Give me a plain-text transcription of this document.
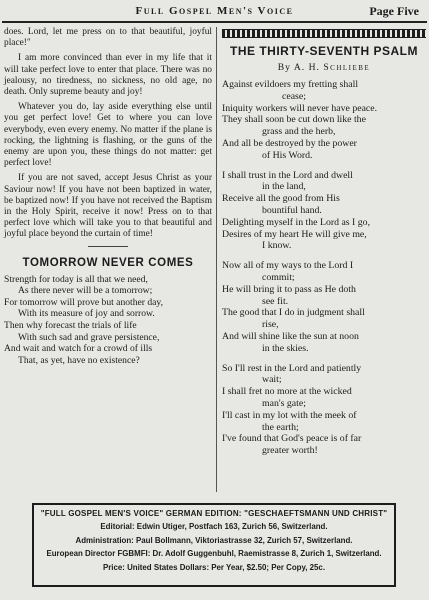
Full Gospel Men's Voice	Page Five

does. Lord, let me press on to that beautiful, joyful place!"

I am more convinced than ever in my life that it will take perfect love to enter that place. There was no jealousy, no tiredness, no sickness, no old age, no death. Only supreme beauty and joy!

Whatever you do, lay aside everything else until you get perfect love! Get to where you can love everybody, even every enemy. No matter if the plane is rocking, the lightning is flashing, or the guns of the enemy are upon you, these things do not matter: get perfect love!

If you are not saved, accept Jesus Christ as your Saviour now! If you have not been baptized in water, be baptized now! If you have not received the Baptism in the Holy Spirit, receive it now! Press on to that perfect love which will take you to that beautiful and joyful place beyond the curtain of time!

TOMORROW NEVER COMES
Strength for today is all that we need,
As there never will be a tomorrow;
For tomorrow will prove but another day,
With its measure of joy and sorrow.
Then why forecast the trials of life
With such sad and grave persistence,
And wait and watch for a crowd of ills
That, as yet, have no existence?
THE THIRTY-SEVENTH PSALM
By A. H. Schliebe
Against evildoers my fretting shall
cease;
Iniquity workers will never have peace.
They shall soon be cut down like the
grass and the herb,
And all be destroyed by the power
of His Word.
I shall trust in the Lord and dwell
in the land,
Receive all the good from His
bountiful hand.
Delighting myself in the Lord as I go,
Desires of my heart He will give me,
I know.
Now all of my ways to the Lord I
commit;
He will bring it to pass as He doth
see fit.
The good that I do in judgment shall
rise,
And will shine like the sun at noon
in the skies.
So I'll rest in the Lord and patiently
wait;
I shall fret no more at the wicked
man's gate;
I'll cast in my lot with the meek of
the earth;
I've found that God's peace is of far
greater worth!
"FULL GOSPEL MEN'S VOICE" GERMAN EDITION: "GESCHAEFTSMANN UND CHRIST"
Editorial: Edwin Utiger, Postfach 163, Zurich 56, Switzerland.
Administration: Paul Bollmann, Viktoriastrasse 32, Zurich 57, Switzerland.
European Director FGBMFI: Dr. Adolf Guggenbuhl, Raemistrasse 8, Zurich 1, Switzerland.
Price: United States Dollars: Per Year, $2.50; Per Copy, 25c.
